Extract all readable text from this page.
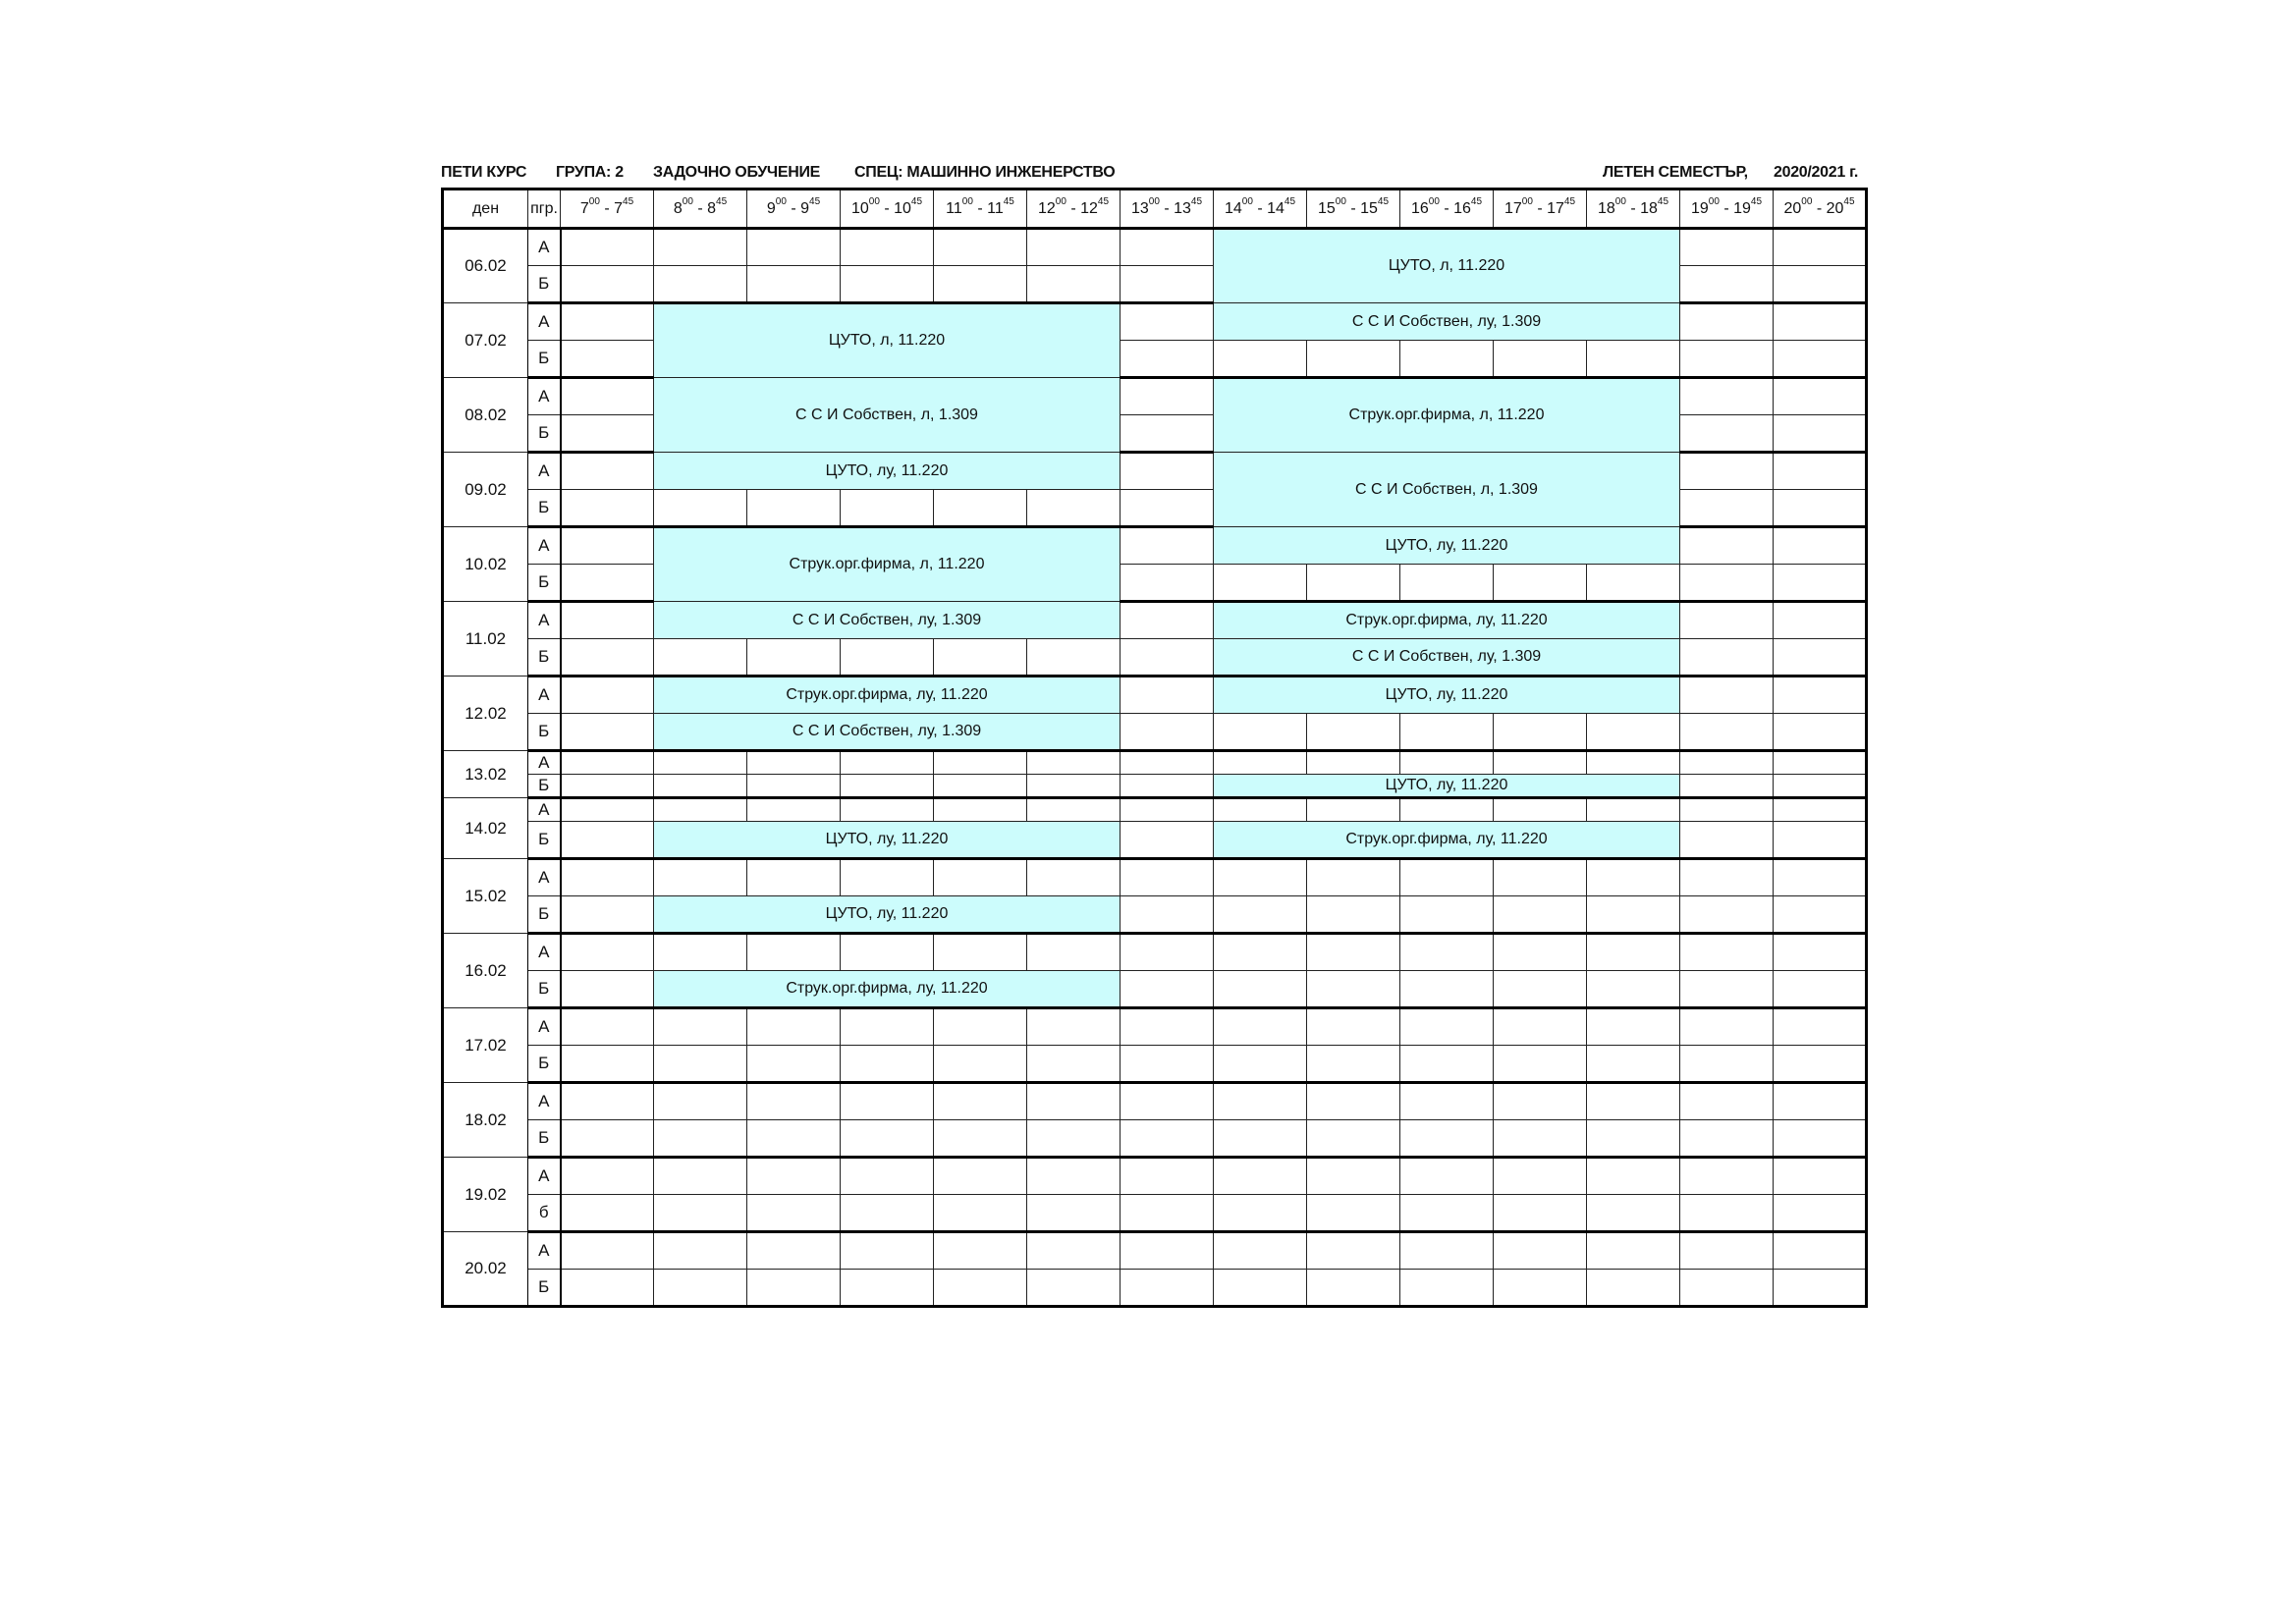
ПЕТИ КУРС ГРУПА: 2 ЗАДОЧНО ОБУЧЕНИЕ СПЕЦ: МАШИННО ИНЖЕНЕРСТВО	ЛЕТЕН СЕМЕСТЪР, 2020/2021 г.
ден	пгр.	$7^{00} - 7^{45}$	$8^{00} - 8^{45}$	$9^{00} - 9^{45}$	$10^{00} - 10^{45}$	$11^{00} - 11^{45}$	$12^{00} - 12^{45}$	$13^{00} - 13^{45}$	$14^{00} - 14^{45}$	$15^{00} - 15^{45}$	$16^{00} - 16^{45}$	$17^{00} - 17^{45}$	$18^{00} - 18^{45}$	$19^{00} - 19^{45}$	$20^{00} - 20^{45}$
06.02	А								ЦУТО, л, 11.220						
	Б														
07.02	А		ЦУТО, л, 11.220						С С И Собствен, лу, 1.309						
	Б														
08.02	А		С С И Собствен, л, 1.309						Струк.орг.фирма, л, 11.220						
	Б														
09.02	А		ЦУТО, лу, 11.220						С С И Собствен, л, 1.309						
	Б														
10.02	А		Струк.орг.фирма, л, 11.220						ЦУТО, лу, 11.220						
	Б														
11.02	А		С С И Собствен, лу, 1.309						Струк.орг.фирма, лу, 11.220						
	Б								С С И Собствен, лу, 1.309						
12.02	А		Струк.орг.фирма, лу, 11.220						ЦУТО, лу, 11.220						
	Б		С С И Собствен, лу, 1.309												
13.02	А														
	Б								ЦУТО, лу, 11.220						
14.02	А														
	Б		ЦУТО, лу, 11.220						Струк.орг.фирма, лу, 11.220						
15.02	А														
	Б		ЦУТО, лу, 11.220												
16.02	А														
	Б		Струк.орг.фирма, лу, 11.220												
17.02	А														
	Б														
18.02	А														
	Б														
19.02	А														
	б														
20.02	А														
	Б														
